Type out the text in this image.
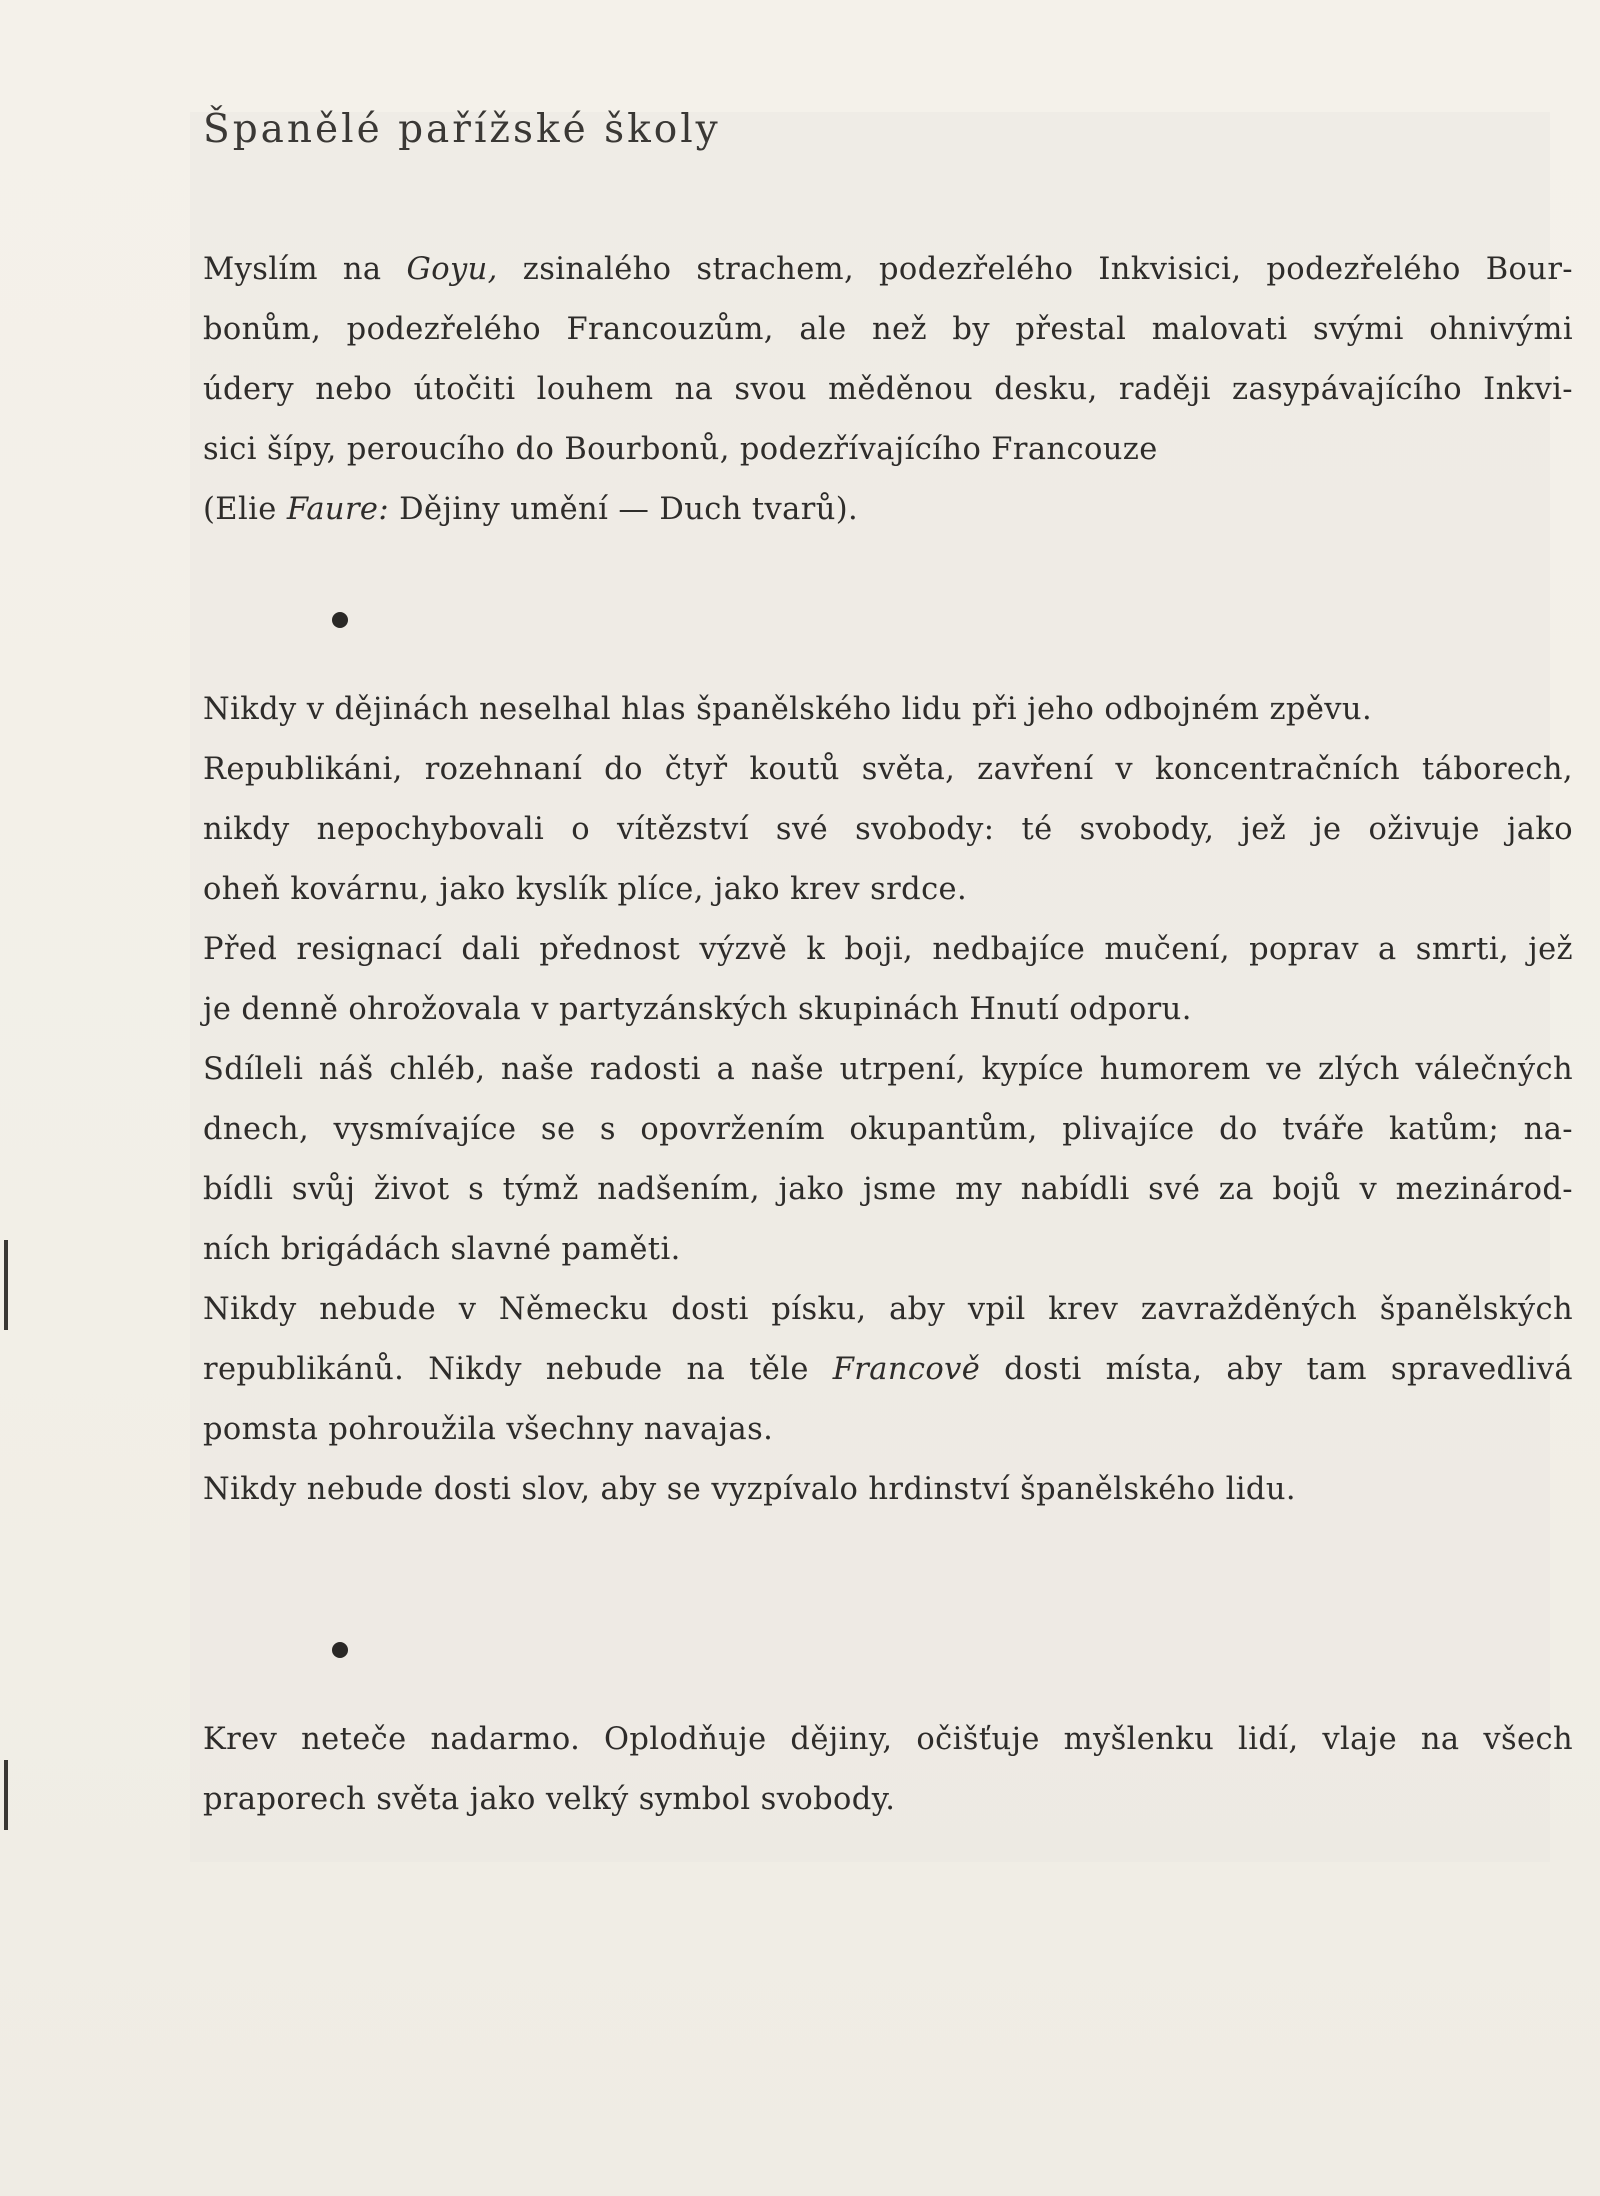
Španělé pařížské školy
Myslím na Goyu, zsinalého strachem, podezřelého Inkvisici, podezřelého Bour-
bonům, podezřelého Francouzům, ale než by přestal malovati svými ohnivými
údery nebo útočiti louhem na svou měděnou desku, raději zasypávajícího Inkvi-
sici šípy, peroucího do Bourbonů, podezřívajícího Francouze
(Elie Faure: Dějiny umění — Duch tvarů).
Nikdy v dějinách neselhal hlas španělského lidu při jeho odbojném zpěvu.
Republikáni, rozehnaní do čtyř koutů světa, zavření v koncentračních táborech,
nikdy nepochybovali o vítězství své svobody: té svobody, jež je oživuje jako
oheň kovárnu, jako kyslík plíce, jako krev srdce.
Před resignací dali přednost výzvě k boji, nedbajíce mučení, poprav a smrti, jež
je denně ohrožovala v partyzánských skupinách Hnutí odporu.
Sdíleli náš chléb, naše radosti a naše utrpení, kypíce humorem ve zlých válečných
dnech, vysmívajíce se s opovržením okupantům, plivajíce do tváře katům; na-
bídli svůj život s týmž nadšením, jako jsme my nabídli své za bojů v mezinárod-
ních brigádách slavné paměti.
Nikdy nebude v Německu dosti písku, aby vpil krev zavražděných španělských
republikánů. Nikdy nebude na těle Francově dosti místa, aby tam spravedlivá
pomsta pohroužila všechny navajas.
Nikdy nebude dosti slov, aby se vyzpívalo hrdinství španělského lidu.
Krev neteče nadarmo. Oplodňuje dějiny, očišťuje myšlenku lidí, vlaje na všech
praporech světa jako velký symbol svobody.
